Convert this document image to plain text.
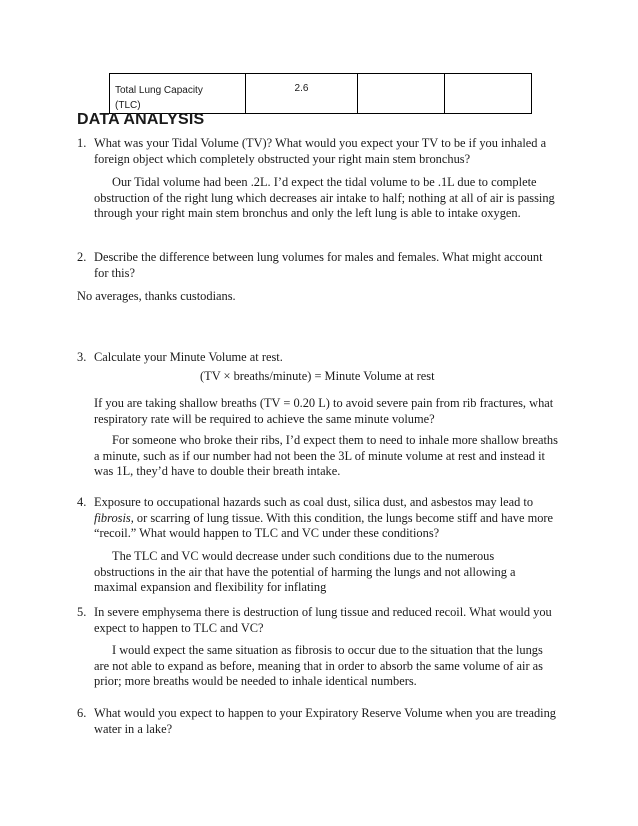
Total Lung Capacity
(TLC)
	2.6		
DATA ANALYSIS
1. What was your Tidal Volume (TV)? What would you expect your TV to be if you inhaled a
foreign object which completely obstructed your right main stem bronchus?
Our Tidal volume had been .2L. I’d expect the tidal volume to be .1L due to complete
obstruction of the right lung which decreases air intake to half; nothing at all of air is passing
through your right main stem bronchus and only the left lung is able to intake oxygen.
2. Describe the difference between lung volumes for males and females. What might account
for this?
No averages, thanks custodians.
3. Calculate your Minute Volume at rest.
(TV × breaths/minute) = Minute Volume at rest
If you are taking shallow breaths (TV = 0.20 L) to avoid severe pain from rib fractures, what
respiratory rate will be required to achieve the same minute volume?
For someone who broke their ribs, I’d expect them to need to inhale more shallow breaths
a minute, such as if our number had not been the 3L of minute volume at rest and instead it
was 1L, they’d have to double their breath intake.
4. Exposure to occupational hazards such as coal dust, silica dust, and asbestos may lead to
fibrosis, or scarring of lung tissue. With this condition, the lungs become stiff and have more
“recoil.” What would happen to TLC and VC under these conditions?
The TLC and VC would decrease under such conditions due to the numerous
obstructions in the air that have the potential of harming the lungs and not allowing a
maximal expansion and flexibility for inflating
5. In severe emphysema there is destruction of lung tissue and reduced recoil. What would you
expect to happen to TLC and VC?
I would expect the same situation as fibrosis to occur due to the situation that the lungs
are not able to expand as before, meaning that in order to absorb the same volume of air as
prior; more breaths would be needed to inhale identical numbers.
6. What would you expect to happen to your Expiratory Reserve Volume when you are treading
water in a lake?
